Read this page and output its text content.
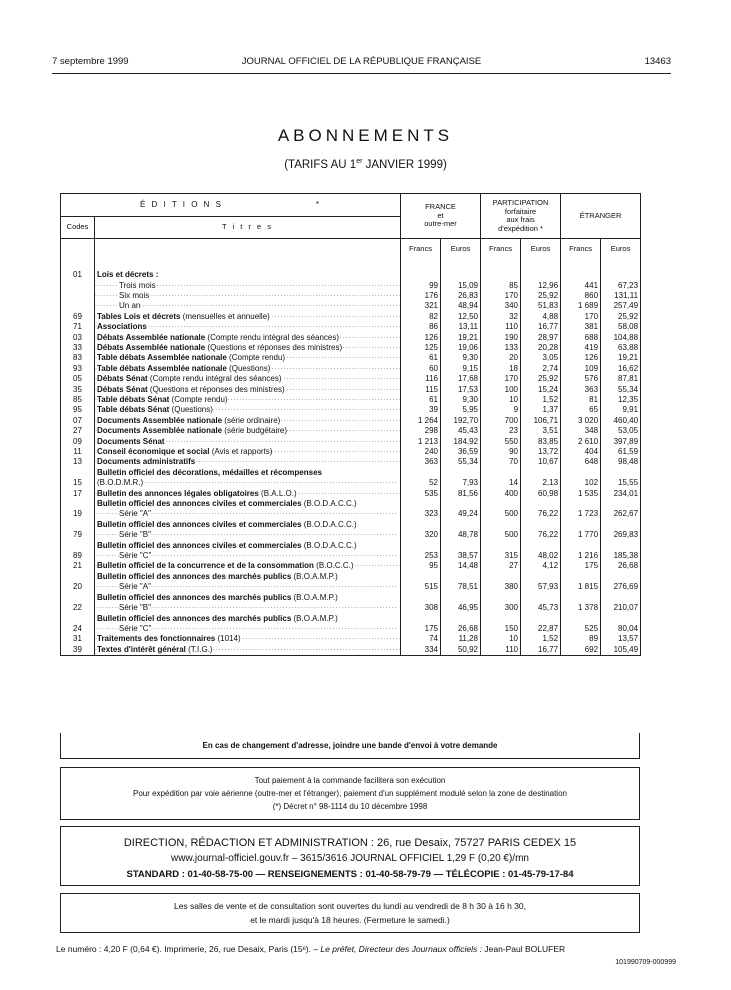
7 septembre 1999	JOURNAL OFFICIEL DE LA RÉPUBLIQUE FRANÇAISE	13463
ABONNEMENTS
(TARIFS AU 1er JANVIER 1999)
É D I T I O N S *		FRANCE
et
outre-mer		PARTICIPATION
forfaitaire
aux frais
d'expédition *		ÉTRANGER	
Codes	T i t r e s						
		Francs	Euros	Francs	Euros	Francs	Euros
01	Lois et décrets :						
	Trois mois .....	99	15,09	85	12,96	441	67,23
	Six mois .....	176	26,83	170	25,92	860	131,11
	Un an .....	321	48,94	340	51,83	1 689	257,49
69	Tables Lois et décrets (mensuelles et annuelle) .....	82	12,50	32	4,88	170	25,92
71	Associations .....	86	13,11	110	16,77	381	58,08
03	Débats Assemblée nationale (Compte rendu intégral des séances) .....	126	19,21	190	28,97	688	104,88
33	Débats Assemblée nationale (Questions et réponses des ministres) .....	125	19,06	133	20,28	419	63,88
83	Table débats Assemblée nationale (Compte rendu) .....	61	9,30	20	3,05	126	19,21
93	Table débats Assemblée nationale (Questions) .....	60	9,15	18	2,74	109	16,62
05	Débats Sénat (Compte rendu intégral des séances) .....	116	17,68	170	25,92	576	87,81
35	Débats Sénat (Questions et réponses des ministres) .....	115	17,53	100	15,24	363	55,34
85	Table débats Sénat (Compte rendu) .....	61	9,30	10	1,52	81	12,35
95	Table débats Sénat (Questions) .....	39	5,95	9	1,37	65	9,91
07	Documents Assemblée nationale (série ordinaire) .....	1 264	192,70	700	106,71	3 020	460,40
27	Documents Assemblée nationale (série budgétaire) .....	298	45,43	23	3,51	348	53,05
09	Documents Sénat .....	1 213	184,92	550	83,85	2 610	397,89
11	Conseil économique et social (Avis et rapports) .....	240	36,59	90	13,72	404	61,59
13	Documents administratifs .....	363	55,34	70	10,67	648	98,48
15	Bulletin officiel des décorations, médailles et récompenses
(B.O.D.M.R.) .....	52	7,93	14	2,13	102	15,55
17	Bulletin des annonces légales obligatoires (B.A.L.O.) .....	535	81,56	400	60,98	1 535	234,01
19	Bulletin officiel des annonces civiles et commerciales (B.O.D.A.C.C.)
Série "A" .....	323	49,24	500	76,22	1 723	262,67
79	Bulletin officiel des annonces civiles et commerciales (B.O.D.A.C.C.)
Série "B" .....	320	48,78	500	76,22	1 770	269,83
89	Bulletin officiel des annonces civiles et commerciales (B.O.D.A.C.C.)
Série "C" .....	253	38,57	315	48,02	1 216	185,38
21	Bulletin officiel de la concurrence et de la consommation (B.O.C.C.) .....	95	14,48	27	4,12	175	26,68
20	Bulletin officiel des annonces des marchés publics (B.O.A.M.P.)
Série "A" .....	515	78,51	380	57,93	1 815	276,69
22	Bulletin officiel des annonces des marchés publics (B.O.A.M.P.)
Série "B" .....	308	46,95	300	45,73	1 378	210,07
24	Bulletin officiel des annonces des marchés publics (B.O.A.M.P.)
Série "C" .....	175	26,68	150	22,87	525	80,04
31	Traitements des fonctionnaires (1014) .....	74	11,28	10	1,52	89	13,57
39	Textes d'intérêt général (T.I.G.) .....	334	50,92	110	16,77	692	105,49
En cas de changement d'adresse, joindre une bande d'envoi à votre demande
Tout paiement à la commande facilitera son exécution
Pour expédition par voie aérienne (outre-mer et l'étranger), paiement d'un supplément modulé selon la zone de destination
(*) Décret n° 98-1114 du 10 décembre 1998
DIRECTION, RÉDACTION ET ADMINISTRATION : 26, rue Desaix, 75727 PARIS CEDEX 15
www.journal-officiel.gouv.fr – 3615/3616 JOURNAL OFFICIEL 1,29 F (0,20 €)/mn
STANDARD : 01-40-58-75-00 — RENSEIGNEMENTS : 01-40-58-79-79 — TÉLÉCOPIE : 01-45-79-17-84
Les salles de vente et de consultation sont ouvertes du lundi au vendredi de 8 h 30 à 16 h 30,
et le mardi jusqu'à 18 heures. (Fermeture le samedi.)
Le numéro : 4,20 F (0,64 €). Imprimerie, 26, rue Desaix, Paris (15ᵉ). – Le préfet, Directeur des Journaux officiels : Jean-Paul BOLUFER
101990709-000999
